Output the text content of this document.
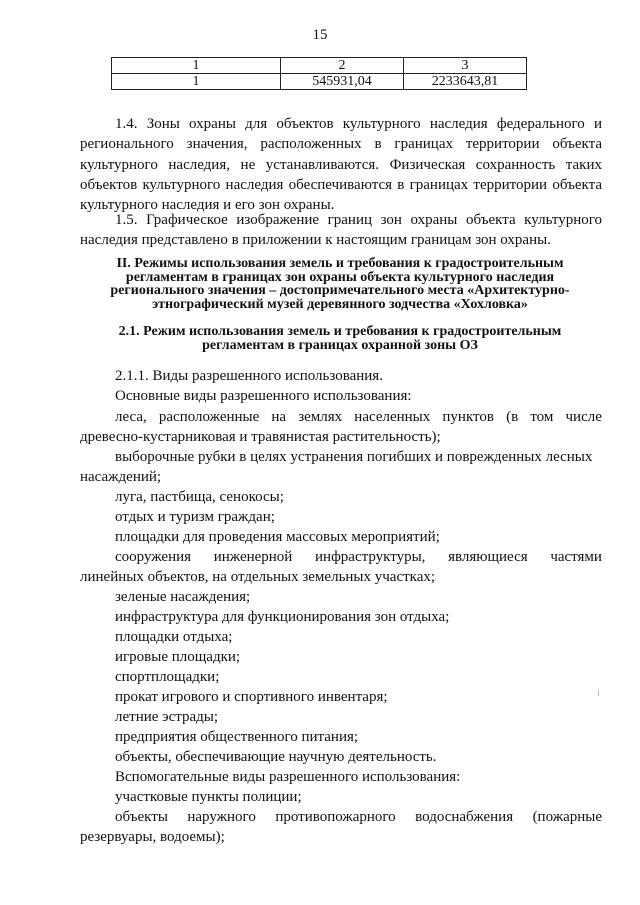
15
1	2	3
1	545931,04	2233643,81

1.4. Зоны охраны для объектов культурного наследия федерального и регионального значения, расположенных в границах территории объекта культурного наследия, не устанавливаются. Физическая сохранность таких объектов культурного наследия обеспечиваются в границах территории объекта культурного наследия и его зон охраны.

1.5. Графическое изображение границ зон охраны объекта культурного наследия представлено в приложении к настоящим границам зон охраны.

II. Режимы использования земель и требования к градостроительным
регламентам в границах зон охраны объекта культурного наследия
регионального значения – достопримечательного места «Архитектурно-
этнографический музей деревянного зодчества «Хохловка»
2.1. Режим использования земель и требования к градостроительным
регламентам в границах охранной зоны ОЗ

2.1.1. Виды разрешенного использования.

Основные виды разрешенного использования:

леса, расположенные на землях населенных пунктов (в том числе

древесно-кустарниковая и травянистая растительность);

выборочные рубки в целях устранения погибших и поврежденных лесных

насаждений;

луга, пастбища, сенокосы;

отдых и туризм граждан;

площадки для проведения массовых мероприятий;

сооружения инженерной инфраструктуры, являющиеся частями

линейных объектов, на отдельных земельных участках;

зеленые насаждения;

инфраструктура для функционирования зон отдыха;

площадки отдыха;

игровые площадки;

спортплощадки;

прокат игрового и спортивного инвентаря;

летние эстрады;

предприятия общественного питания;

объекты, обеспечивающие научную деятельность.

Вспомогательные виды разрешенного использования:

участковые пункты полиции;

объекты наружного противопожарного водоснабжения (пожарные

резервуары, водоемы);
